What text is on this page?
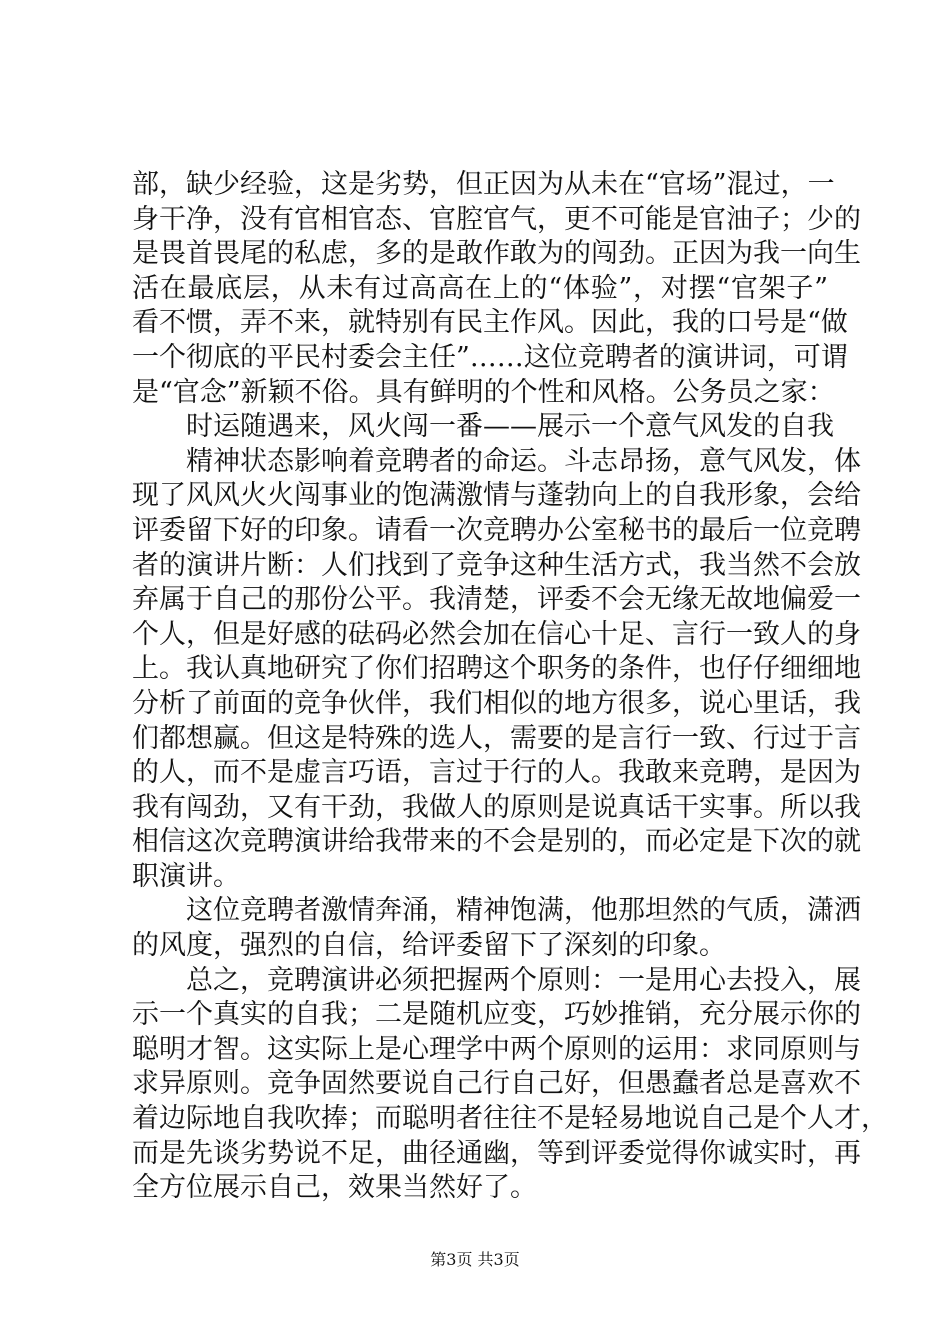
部，缺少经验，这是劣势，但正因为从未在“官场”混过，一
身干净，没有官相官态、官腔官气，更不可能是官油子；少的
是畏首畏尾的私虑，多的是敢作敢为的闯劲。正因为我一向生
活在最底层，从未有过高高在上的“体验”，对摆“官架子”
看不惯，弄不来，就特别有民主作风。因此，我的口号是“做
一个彻底的平民村委会主任”……这位竞聘者的演讲词，可谓
是“官念”新颖不俗。具有鲜明的个性和风格。公务员之家：

时运随遇来，风火闯一番——展示一个意气风发的自我

精神状态影响着竞聘者的命运。斗志昂扬，意气风发，体
现了风风火火闯事业的饱满激情与蓬勃向上的自我形象，会给
评委留下好的印象。请看一次竞聘办公室秘书的最后一位竞聘
者的演讲片断：人们找到了竞争这种生活方式，我当然不会放
弃属于自己的那份公平。我清楚，评委不会无缘无故地偏爱一
个人，但是好感的砝码必然会加在信心十足、言行一致人的身
上。我认真地研究了你们招聘这个职务的条件，也仔仔细细地
分析了前面的竞争伙伴，我们相似的地方很多，说心里话，我
们都想赢。但这是特殊的选人，需要的是言行一致、行过于言
的人，而不是虚言巧语，言过于行的人。我敢来竞聘，是因为
我有闯劲，又有干劲，我做人的原则是说真话干实事。所以我
相信这次竞聘演讲给我带来的不会是别的，而必定是下次的就
职演讲。

这位竞聘者激情奔涌，精神饱满，他那坦然的气质，潇洒
的风度，强烈的自信，给评委留下了深刻的印象。

总之，竞聘演讲必须把握两个原则：一是用心去投入，展
示一个真实的自我；二是随机应变，巧妙推销，充分展示你的
聪明才智。这实际上是心理学中两个原则的运用：求同原则与
求异原则。竞争固然要说自己行自己好，但愚蠢者总是喜欢不
着边际地自我吹捧；而聪明者往往不是轻易地说自己是个人才，
而是先谈劣势说不足，曲径通幽，等到评委觉得你诚实时，再
全方位展示自己，效果当然好了。

第3页 共3页
